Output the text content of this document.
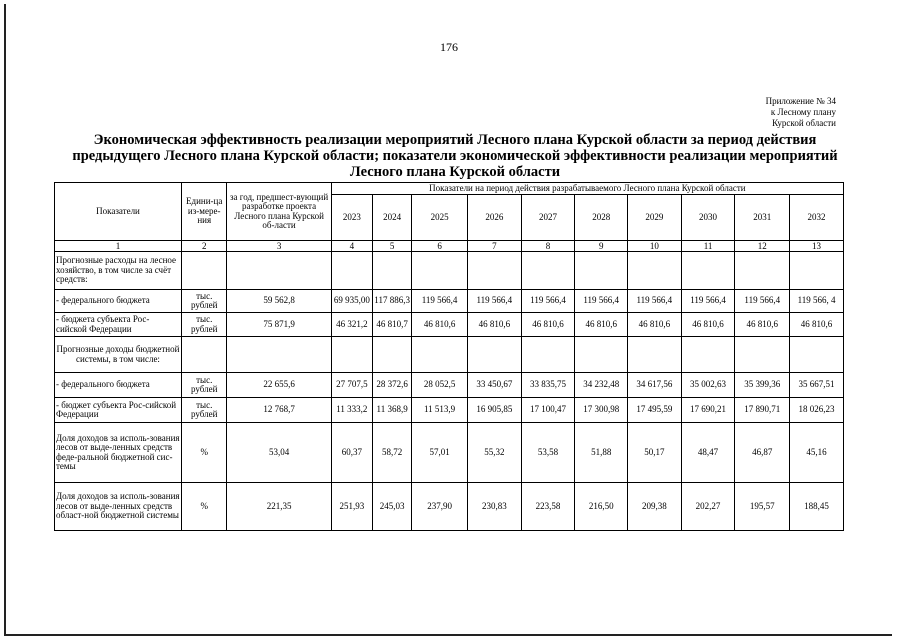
176
Приложение № 34
к Лесному плану
Курской области
Экономическая эффективность реализации мероприятий Лесного плана Курской области за период действия предыдущего Лесного плана Курской области; показатели экономической эффективности реализации мероприятий Лесного плана Курской области
Показатели	Едини-ца из-мере-ния	за год, предшест-вующий разработке проекта Лесного плана Курской об-ласти	Показатели на период действия разрабатываемого Лесного плана Курской области									
			2023	2024	2025	2026	2027	2028	2029	2030	2031	2032
1	2	3	4	5	6	7	8	9	10	11	12	13
Прогнозные расходы на лесное хозяйство, в том числе за счёт средств:												
- федерального бюджета	тыс. рублей	59 562,8	69 935,00	117 886,3	119 566,4	119 566,4	119 566,4	119 566,4	119 566,4	119 566,4	119 566,4	119 566, 4
- бюджета субъекта Рос-сийской Федерации	тыс. рублей	75 871,9	46 321,2	46 810,7	46 810,6	46 810,6	46 810,6	46 810,6	46 810,6	46 810,6	46 810,6	46 810,6
Прогнозные доходы бюджетной системы, в том числе:												
- федерального бюджета	тыс. рублей	22 655,6	27 707,5	28 372,6	28 052,5	33 450,67	33 835,75	34 232,48	34 617,56	35 002,63	35 399,36	35 667,51
- бюджет субъекта Рос-сийской Федерации	тыс. рублей	12 768,7	11 333,2	11 368,9	11 513,9	16 905,85	17 100,47	17 300,98	17 495,59	17 690,21	17 890,71	18 026,23
Доля доходов за исполь-зования лесов от выде-ленных средств феде-ральной бюджетной сис-темы	%	53,04	60,37	58,72	57,01	55,32	53,58	51,88	50,17	48,47	46,87	45,16
Доля доходов за исполь-зования лесов от выде-ленных средств област-ной бюджетной системы	%	221,35	251,93	245,03	237,90	230,83	223,58	216,50	209,38	202,27	195,57	188,45
